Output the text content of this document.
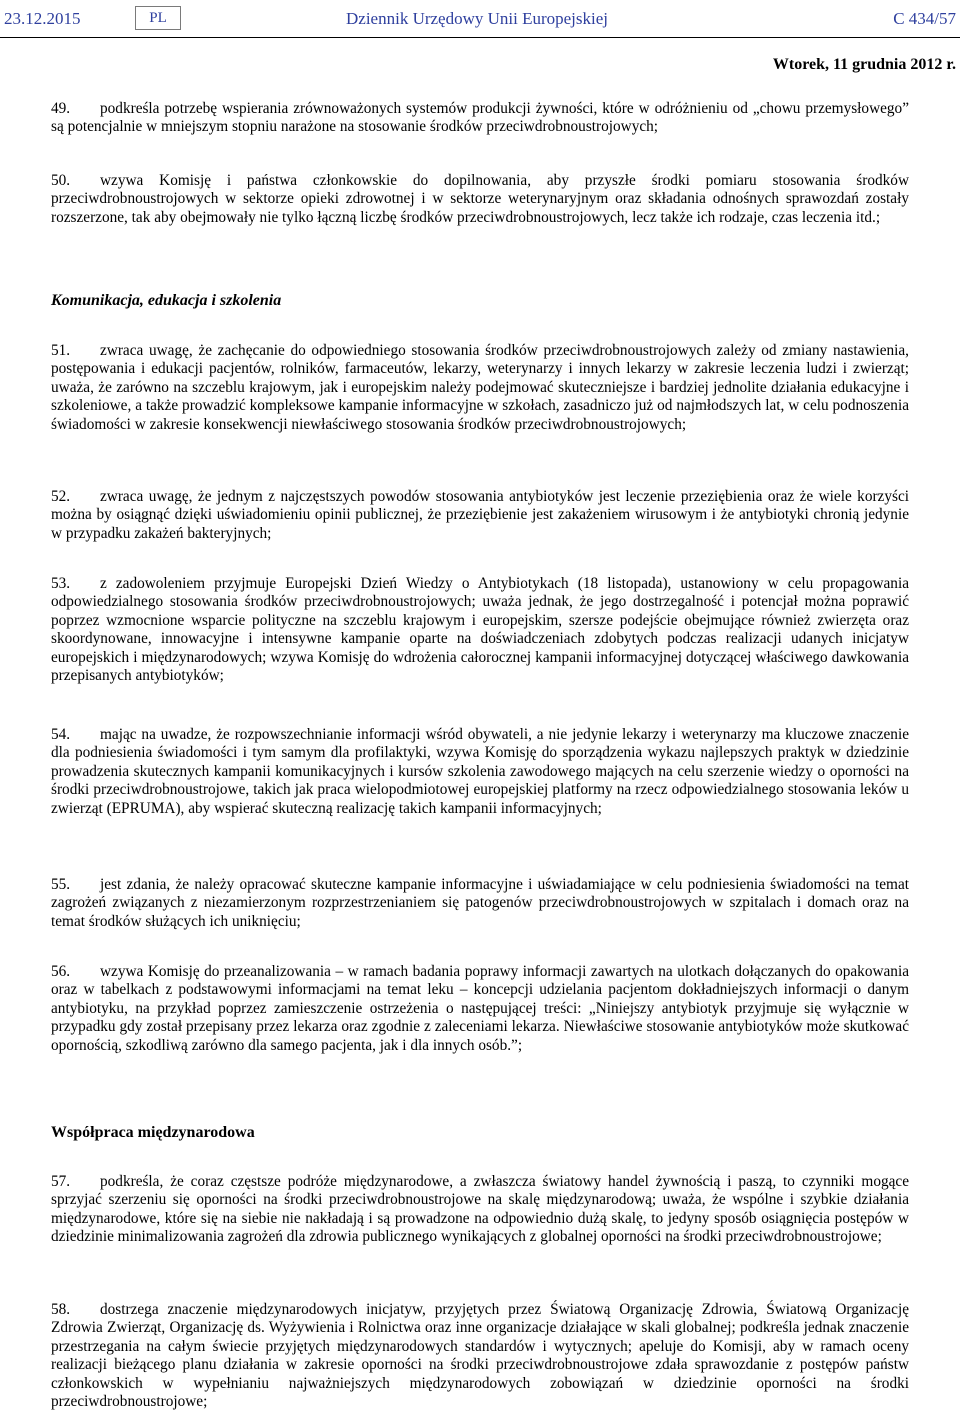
23.12.2015	PL	Dziennik Urzędowy Unii Europejskiej	C 434/57
Wtorek, 11 grudnia 2012 r.

49. podkreśla potrzebę wspierania zrównoważonych systemów produkcji żywności, które w odróżnieniu od „chowu przemysłowego” są potencjalnie w mniejszym stopniu narażone na stosowanie środków przeciwdrobnoustrojowych;

50. wzywa Komisję i państwa członkowskie do dopilnowania, aby przyszłe środki pomiaru stosowania środków przeciwdrobnoustrojowych w sektorze opieki zdrowotnej i w sektorze weterynaryjnym oraz składania odnośnych sprawozdań zostały rozszerzone, tak aby obejmowały nie tylko łączną liczbę środków przeciwdrobnoustrojowych, lecz także ich rodzaje, czas leczenia itd.;

Komunikacja, edukacja i szkolenia

51. zwraca uwagę, że zachęcanie do odpowiedniego stosowania środków przeciwdrobnoustrojowych zależy od zmiany nastawienia, postępowania i edukacji pacjentów, rolników, farmaceutów, lekarzy, weterynarzy i innych lekarzy w zakresie leczenia ludzi i zwierząt; uważa, że zarówno na szczeblu krajowym, jak i europejskim należy podejmować skuteczniejsze i bardziej jednolite działania edukacyjne i szkoleniowe, a także prowadzić kompleksowe kampanie informacyjne w szkołach, zasadniczo już od najmłodszych lat, w celu podnoszenia świadomości w zakresie konsekwencji niewłaściwego stosowania środków przeciwdrobnoustrojowych;

52. zwraca uwagę, że jednym z najczęstszych powodów stosowania antybiotyków jest leczenie przeziębienia oraz że wiele korzyści można by osiągnąć dzięki uświadomieniu opinii publicznej, że przeziębienie jest zakażeniem wirusowym i że antybiotyki chronią jedynie w przypadku zakażeń bakteryjnych;

53. z zadowoleniem przyjmuje Europejski Dzień Wiedzy o Antybiotykach (18 listopada), ustanowiony w celu propagowania odpowiedzialnego stosowania środków przeciwdrobnoustrojowych; uważa jednak, że jego dostrzegalność i potencjał można poprawić poprzez wzmocnione wsparcie polityczne na szczeblu krajowym i europejskim, szersze podejście obejmujące również zwierzęta oraz skoordynowane, innowacyjne i intensywne kampanie oparte na doświadczeniach zdobytych podczas realizacji udanych inicjatyw europejskich i międzynarodowych; wzywa Komisję do wdrożenia całorocznej kampanii informacyjnej dotyczącej właściwego dawkowania przepisanych antybiotyków;

54. mając na uwadze, że rozpowszechnianie informacji wśród obywateli, a nie jedynie lekarzy i weterynarzy ma kluczowe znaczenie dla podniesienia świadomości i tym samym dla profilaktyki, wzywa Komisję do sporządzenia wykazu najlepszych praktyk w dziedzinie prowadzenia skutecznych kampanii komunikacyjnych i kursów szkolenia zawodowego mających na celu szerzenie wiedzy o oporności na środki przeciwdrobnoustrojowe, takich jak praca wielopodmiotowej europejskiej platformy na rzecz odpowiedzialnego stosowania leków u zwierząt (EPRUMA), aby wspierać skuteczną realizację takich kampanii informacyjnych;

55. jest zdania, że należy opracować skuteczne kampanie informacyjne i uświadamiające w celu podniesienia świadomości na temat zagrożeń związanych z niezamierzonym rozprzestrzenianiem się patogenów przeciwdrobnoustrojowych w szpitalach i domach oraz na temat środków służących ich uniknięciu;

56. wzywa Komisję do przeanalizowania – w ramach badania poprawy informacji zawartych na ulotkach dołączanych do opakowania oraz w tabelkach z podstawowymi informacjami na temat leku – koncepcji udzielania pacjentom dokładniejszych informacji o danym antybiotyku, na przykład poprzez zamieszczenie ostrzeżenia o następującej treści: „Niniejszy antybiotyk przyjmuje się wyłącznie w przypadku gdy został przepisany przez lekarza oraz zgodnie z zaleceniami lekarza. Niewłaściwe stosowanie antybiotyków może skutkować opornością, szkodliwą zarówno dla samego pacjenta, jak i dla innych osób.”;

Współpraca międzynarodowa

57. podkreśla, że coraz częstsze podróże międzynarodowe, a zwłaszcza światowy handel żywnością i paszą, to czynniki mogące sprzyjać szerzeniu się oporności na środki przeciwdrobnoustrojowe na skalę międzynarodową; uważa, że wspólne i szybkie działania międzynarodowe, które się na siebie nie nakładają i są prowadzone na odpowiednio dużą skalę, to jedyny sposób osiągnięcia postępów w dziedzinie minimalizowania zagrożeń dla zdrowia publicznego wynikających z globalnej oporności na środki przeciwdrobnoustrojowe;

58. dostrzega znaczenie międzynarodowych inicjatyw, przyjętych przez Światową Organizację Zdrowia, Światową Organizację Zdrowia Zwierząt, Organizację ds. Wyżywienia i Rolnictwa oraz inne organizacje działające w skali globalnej; podkreśla jednak znaczenie przestrzegania na całym świecie przyjętych międzynarodowych standardów i wytycznych; apeluje do Komisji, aby w ramach oceny realizacji bieżącego planu działania w zakresie oporności na środki przeciwdrobnoustrojowe zdała sprawozdanie z postępów państw członkowskich w wypełnianiu najważniejszych międzynarodowych zobowiązań w dziedzinie oporności na środki przeciwdrobnoustrojowe;
